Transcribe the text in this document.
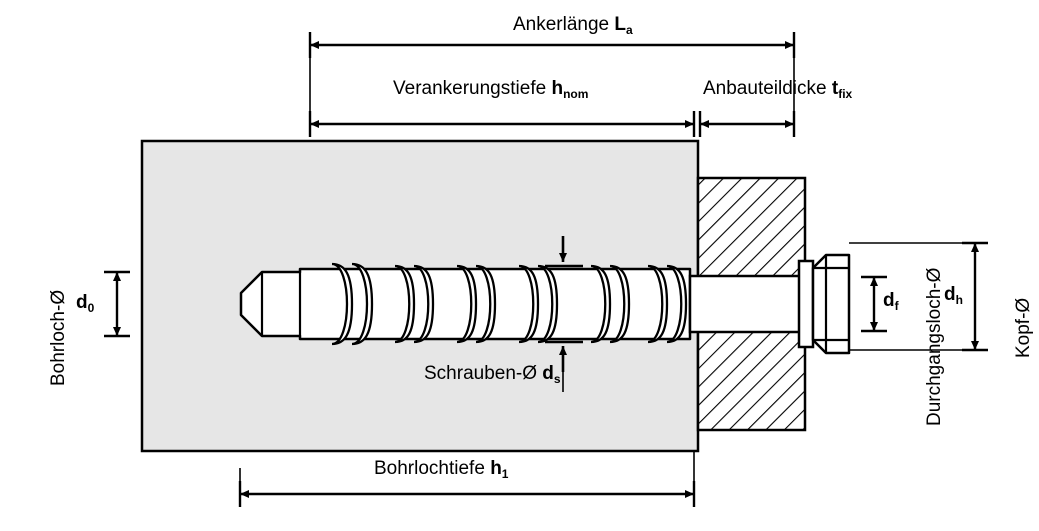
Ankerlänge $L_a$
Verankerungstiefe $h_{nom}$	Anbauteildicke $t_{fix}$
Bohrloch-Ø $d_0$
Schrauben-Ø $d_s$	Durchgangsloch-Ø
$d_f$	Kopf-Ø
$d_h$
Bohrlochtiefe $h_1$
